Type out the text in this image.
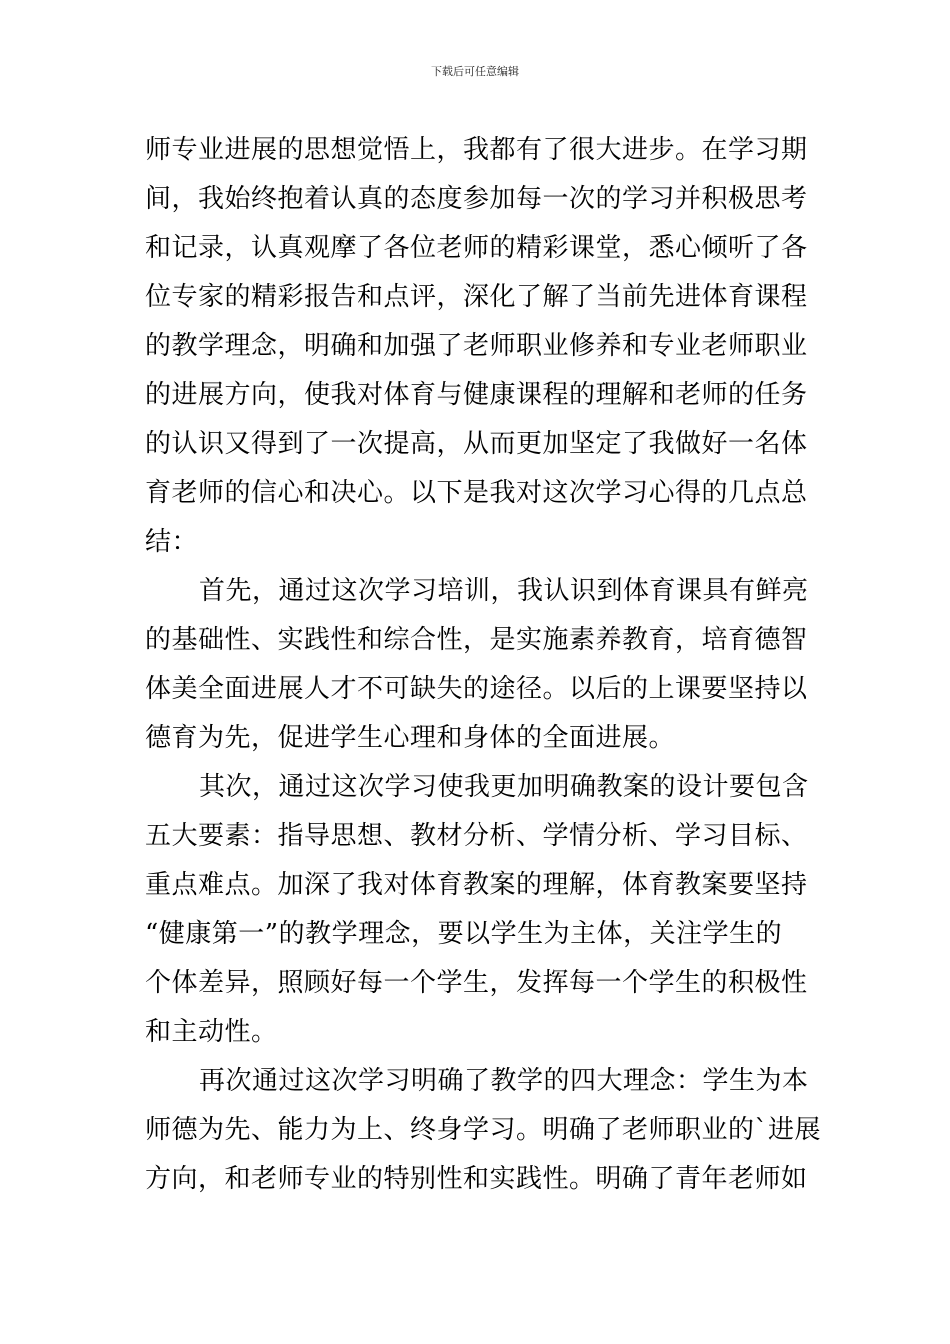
下载后可任意编辑
师专业进展的思想觉悟上，我都有了很大进步。在学习期
间，我始终抱着认真的态度参加每一次的学习并积极思考
和记录，认真观摩了各位老师的精彩课堂，悉心倾听了各
位专家的精彩报告和点评，深化了解了当前先进体育课程
的教学理念，明确和加强了老师职业修养和专业老师职业
的进展方向，使我对体育与健康课程的理解和老师的任务
的认识又得到了一次提高，从而更加坚定了我做好一名体
育老师的信心和决心。以下是我对这次学习心得的几点总
结：
首先，通过这次学习培训，我认识到体育课具有鲜亮
的基础性、实践性和综合性，是实施素养教育，培育德智
体美全面进展人才不可缺失的途径。以后的上课要坚持以
德育为先，促进学生心理和身体的全面进展。
其次，通过这次学习使我更加明确教案的设计要包含
五大要素：指导思想、教材分析、学情分析、学习目标、
重点难点。加深了我对体育教案的理解，体育教案要坚持
“健康第一”的教学理念，要以学生为主体，关注学生的
个体差异，照顾好每一个学生，发挥每一个学生的积极性
和主动性。
再次通过这次学习明确了教学的四大理念：学生为本
师德为先、能力为上、终身学习。明确了老师职业的`进展
方向，和老师专业的特别性和实践性。明确了青年老师如
